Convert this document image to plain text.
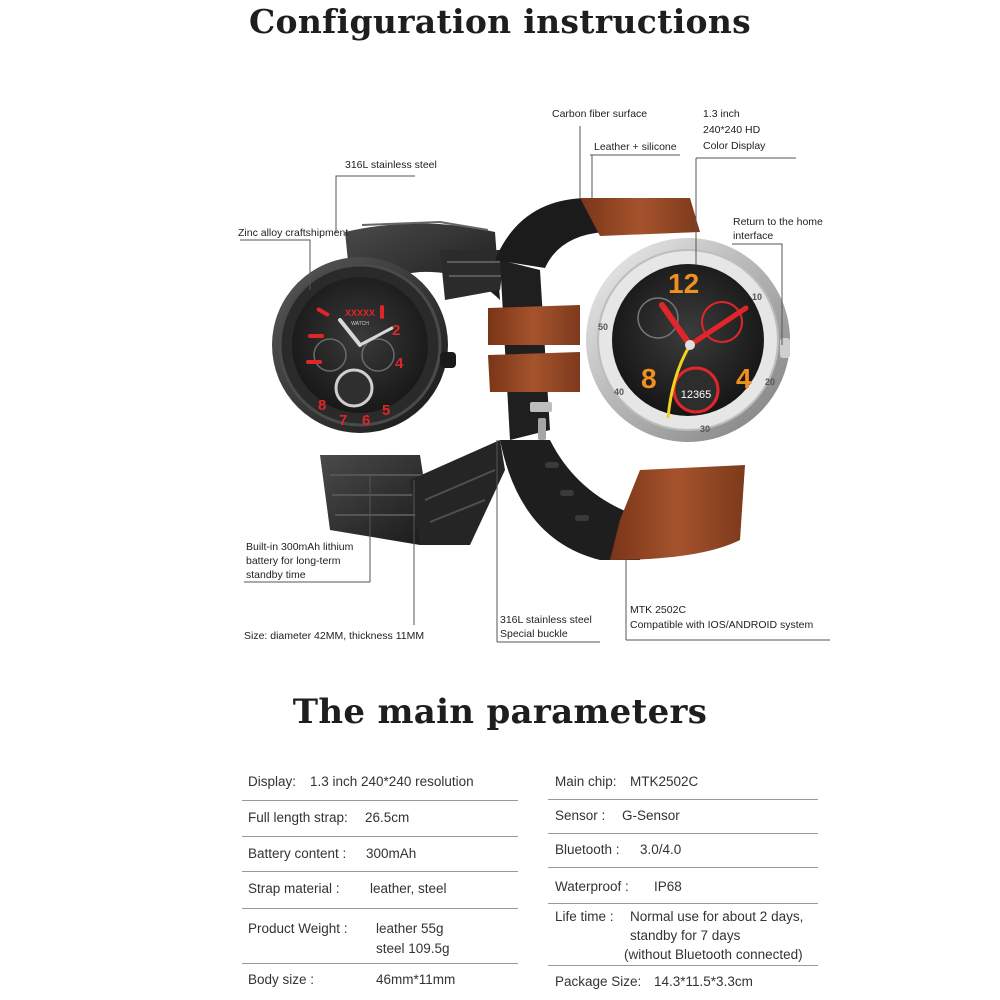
Configuration instructions
The main parameters
2
4
5
7 6
8
XXXXX
WATCH
10
20
30
40
50
12365
12
4
8
Carbon fiber surface	1.3 inch
240*240 HD
Color Display
Leather + silicone
316L stainless steel
Zinc alloy craftshipment
Return to the home
interface
Built-in 300mAh lithium
battery for long-term
standby time
Size: diameter 42MM, thickness 11MM
316L stainless steel
Special buckle
MTK 2502C
Compatible with IOS/ANDROID system
Display: 1.3 inch 240*240 resolution
Full length strap: 26.5cm
Battery content : 300mAh
Strap material : leather, steel
Product Weight : leather 55g
steel 109.5g
Body size :	46mm*11mm
Main chip: MTK2502C
Sensor : G-Sensor
Bluetooth : 3.0/4.0
Waterproof : IP68
Life time : Normal use for about 2 days,
standby for 7 days
(without Bluetooth connected)
Package Size: 14.3*11.5*3.3cm
